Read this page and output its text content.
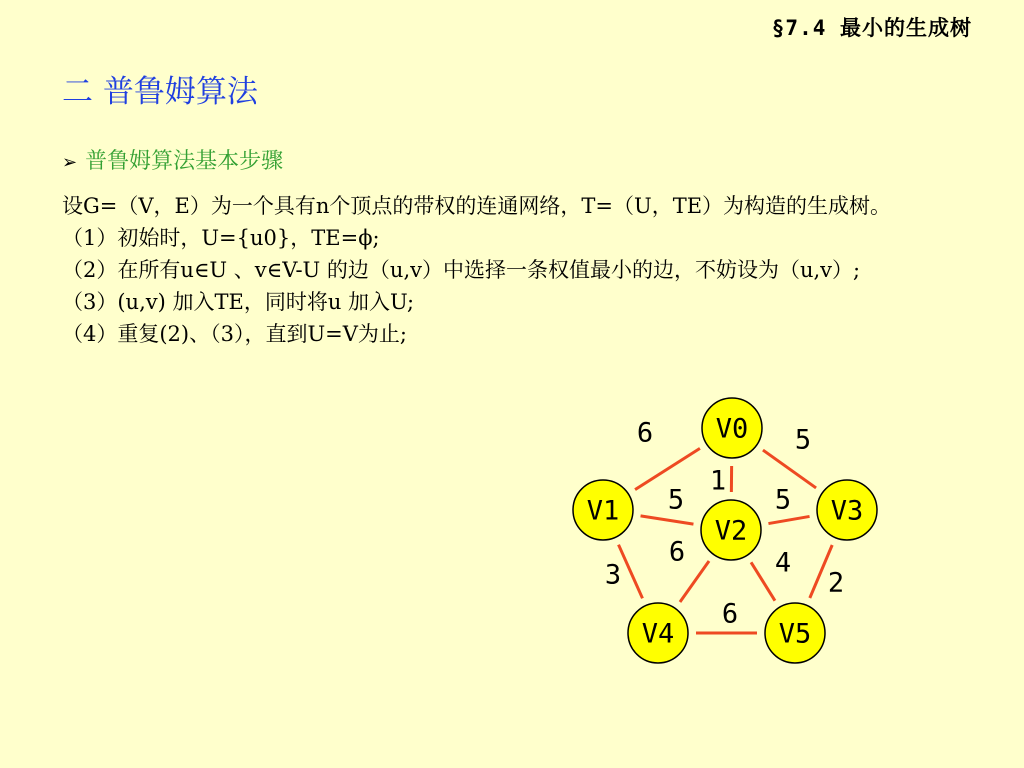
§7.4 最小的生成树
二 普鲁姆算法
➢ 普鲁姆算法基本步骤

设G=（V，E）为一个具有n个顶点的带权的连通网络，T=（U，TE）为构造的生成树。

（1）初始时，U={u0}，TE=ϕ;

（2）在所有u∈U 、v∈V-U 的边（u,v）中选择一条权值最小的边，不妨设为（u,v）;

（3）(u,v) 加入TE，同时将u 加入U;

（4）重复(2)、（3），直到U=V为止;

6	5
1
5	5
3
6	4
2
6
V0
V1
V2
V3
V4	V5
